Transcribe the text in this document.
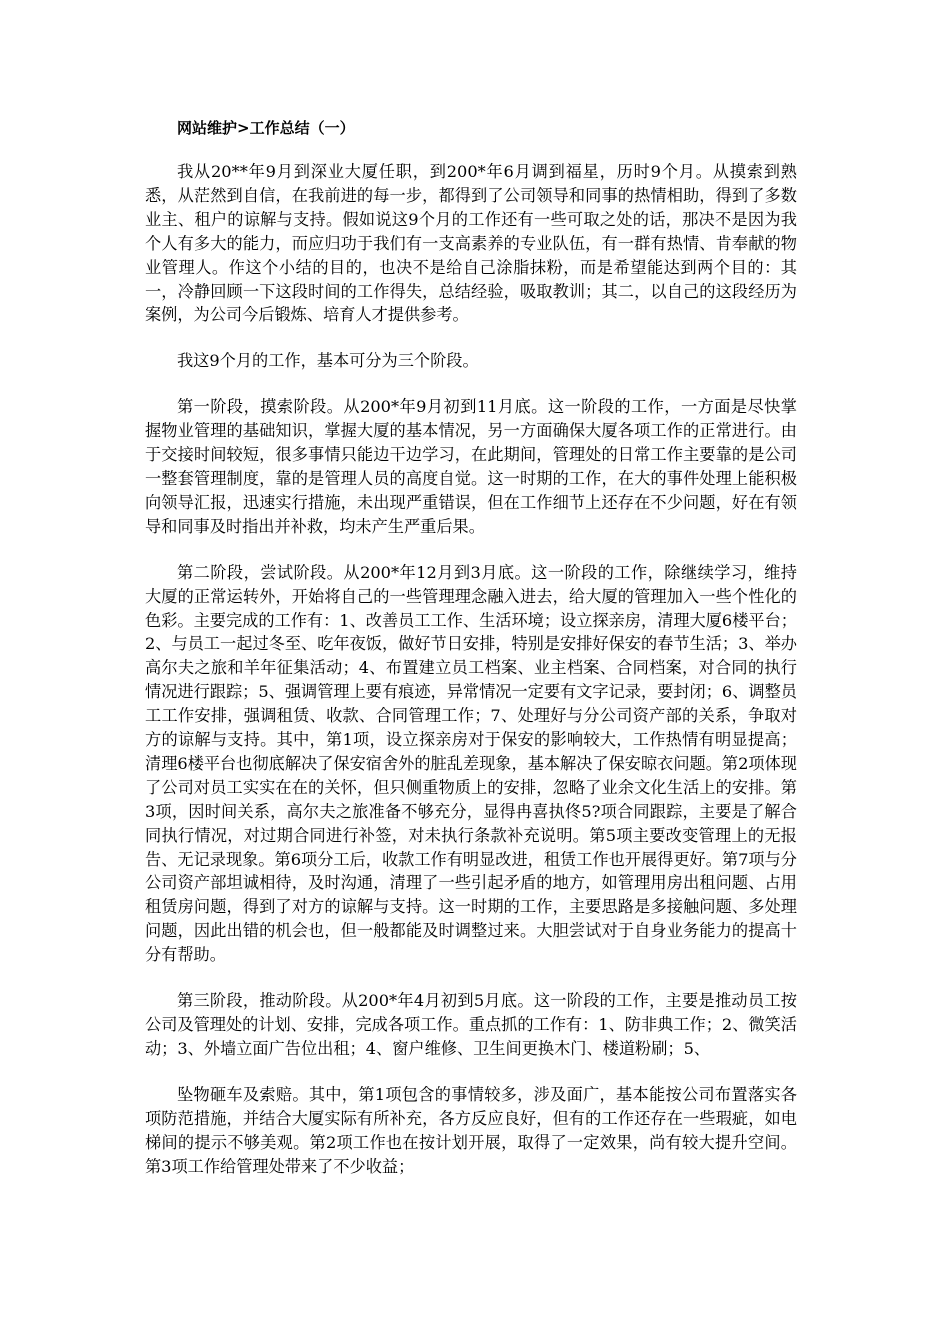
网站维护>工作总结（一）

我从20**年9月到深业大厦任职，到200*年6月调到福星，历时9个月。从摸索到熟悉，从茫然到自信，在我前进的每一步，都得到了公司领导和同事的热情相助，得到了多数业主、租户的谅解与支持。假如说这9个月的工作还有一些可取之处的话，那决不是因为我个人有多大的能力，而应归功于我们有一支高素养的专业队伍，有一群有热情、肯奉献的物业管理人。作这个小结的目的，也决不是给自己涂脂抹粉，而是希望能达到两个目的：其一，冷静回顾一下这段时间的工作得失，总结经验，吸取教训；其二，以自己的这段经历为案例，为公司今后锻炼、培育人才提供参考。

我这9个月的工作，基本可分为三个阶段。

第一阶段，摸索阶段。从200*年9月初到11月底。这一阶段的工作，一方面是尽快掌握物业管理的基础知识，掌握大厦的基本情况，另一方面确保大厦各项工作的正常进行。由于交接时间较短，很多事情只能边干边学习，在此期间，管理处的日常工作主要靠的是公司一整套管理制度，靠的是管理人员的高度自觉。这一时期的工作，在大的事件处理上能积极向领导汇报，迅速实行措施，未出现严重错误，但在工作细节上还存在不少问题，好在有领导和同事及时指出并补救，均未产生严重后果。

第二阶段，尝试阶段。从200*年12月到3月底。这一阶段的工作，除继续学习，维持大厦的正常运转外，开始将自己的一些管理理念融入进去，给大厦的管理加入一些个性化的色彩。主要完成的工作有：1、改善员工工作、生活环境；设立探亲房，清理大厦6楼平台；2、与员工一起过冬至、吃年夜饭，做好节日安排，特别是安排好保安的春节生活；3、举办高尔夫之旅和羊年征集活动；4、布置建立员工档案、业主档案、合同档案，对合同的执行情况进行跟踪；5、强调管理上要有痕迹，异常情况一定要有文字记录，要封闭；6、调整员工工作安排，强调租赁、收款、合同管理工作；7、处理好与分公司资产部的关系，争取对方的谅解与支持。其中，第1项，设立探亲房对于保安的影响较大，工作热情有明显提高；清理6楼平台也彻底解决了保安宿舍外的脏乱差现象，基本解决了保安晾衣问题。第2项体现了公司对员工实实在在的关怀，但只侧重物质上的安排，忽略了业余文化生活上的安排。第3项，因时间关系，高尔夫之旅准备不够充分，显得冉喜执佟5?项合同跟踪，主要是了解合同执行情况，对过期合同进行补签，对未执行条款补充说明。第5项主要改变管理上的无报告、无记录现象。第6项分工后，收款工作有明显改进，租赁工作也开展得更好。第7项与分公司资产部坦诚相待，及时沟通，清理了一些引起矛盾的地方，如管理用房出租问题、占用租赁房问题，得到了对方的谅解与支持。这一时期的工作，主要思路是多接触问题、多处理问题，因此出错的机会也，但一般都能及时调整过来。大胆尝试对于自身业务能力的提高十分有帮助。

第三阶段，推动阶段。从200*年4月初到5月底。这一阶段的工作，主要是推动员工按公司及管理处的计划、安排，完成各项工作。重点抓的工作有：1、防非典工作；2、微笑活动；3、外墙立面广告位出租；4、窗户维修、卫生间更换木门、楼道粉刷；5、

坠物砸车及索赔。其中，第1项包含的事情较多，涉及面广，基本能按公司布置落实各项防范措施，并结合大厦实际有所补充，各方反应良好，但有的工作还存在一些瑕疵，如电梯间的提示不够美观。第2项工作也在按计划开展，取得了一定效果，尚有较大提升空间。第3项工作给管理处带来了不少收益；
